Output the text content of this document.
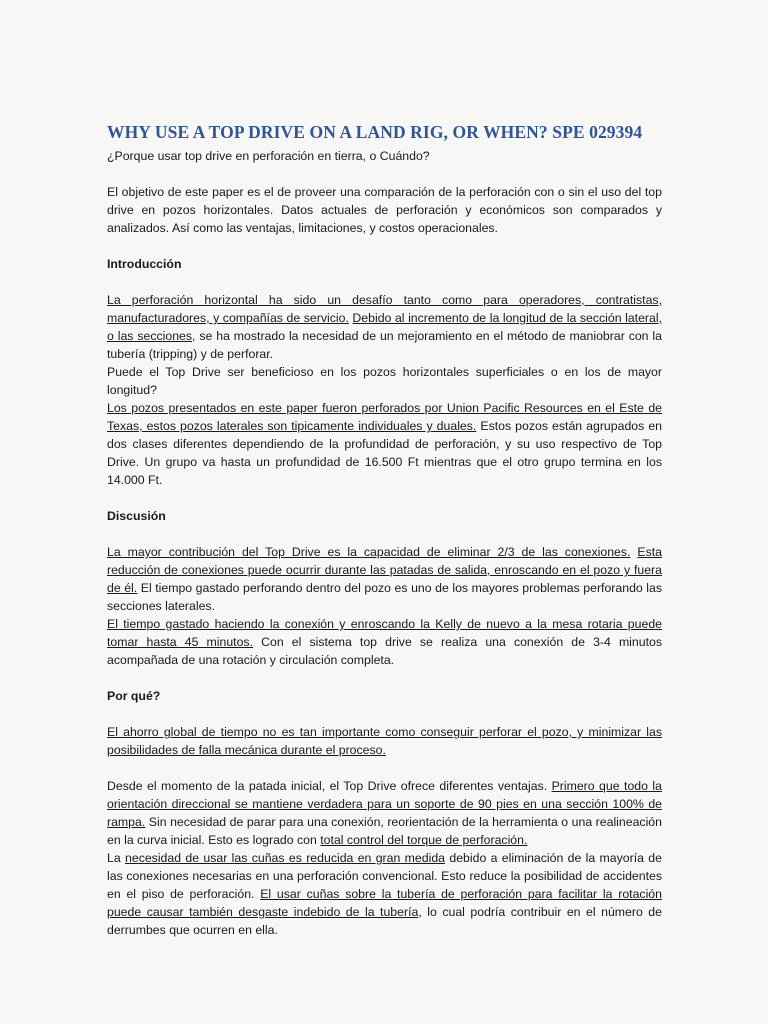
WHY USE A TOP DRIVE ON A LAND RIG, OR WHEN? SPE 029394

¿Porque usar top drive en perforación en tierra, o Cuándo?

El objetivo de este paper es el de proveer una comparación de la perforación con o sin el uso del top drive en pozos horizontales. Datos actuales de perforación y económicos son comparados y analizados. Así como las ventajas, limitaciones, y costos operacionales.

Introducción

La perforación horizontal ha sido un desafío tanto como para operadores, contratistas, manufacturadores, y compañías de servicio. Debido al incremento de la longitud de la sección lateral, o las secciones, se ha mostrado la necesidad de un mejoramiento en el método de maniobrar con la tubería (tripping) y de perforar.

Puede el Top Drive ser beneficioso en los pozos horizontales superficiales o en los de mayor longitud?

Los pozos presentados en este paper fueron perforados por Union Pacific Resources en el Este de Texas, estos pozos laterales son tipicamente individuales y duales. Estos pozos están agrupados en dos clases diferentes dependiendo de la profundidad de perforación, y su uso respectivo de Top Drive. Un grupo va hasta un profundidad de 16.500 Ft mientras que el otro grupo termina en los 14.000 Ft.

Discusión

La mayor contribución del Top Drive es la capacidad de eliminar 2/3 de las conexiones. Esta reducción de conexiones puede ocurrir durante las patadas de salida, enroscando en el pozo y fuera de él. El tiempo gastado perforando dentro del pozo es uno de los mayores problemas perforando las secciones laterales.

El tiempo gastado haciendo la conexión y enroscando la Kelly de nuevo a la mesa rotaria puede tomar hasta 45 minutos. Con el sistema top drive se realiza una conexión de 3-4 minutos acompañada de una rotación y circulación completa.

Por qué?

El ahorro global de tiempo no es tan importante como conseguir perforar el pozo, y minimizar las posibilidades de falla mecánica durante el proceso.

Desde el momento de la patada inicial, el Top Drive ofrece diferentes ventajas. Primero que todo la orientación direccional se mantiene verdadera para un soporte de 90 pies en una sección 100% de rampa. Sin necesidad de parar para una conexión, reorientación de la herramienta o una realineación en la curva inicial. Esto es logrado con total control del torque de perforación.

La necesidad de usar las cuñas es reducida en gran medida debido a eliminación de la mayoría de las conexiones necesarias en una perforación convencional. Esto reduce la posibilidad de accidentes en el piso de perforación. El usar cuñas sobre la tubería de perforación para facilitar la rotación puede causar también desgaste indebido de la tubería, lo cual podría contribuir en el número de derrumbes que ocurren en ella.
